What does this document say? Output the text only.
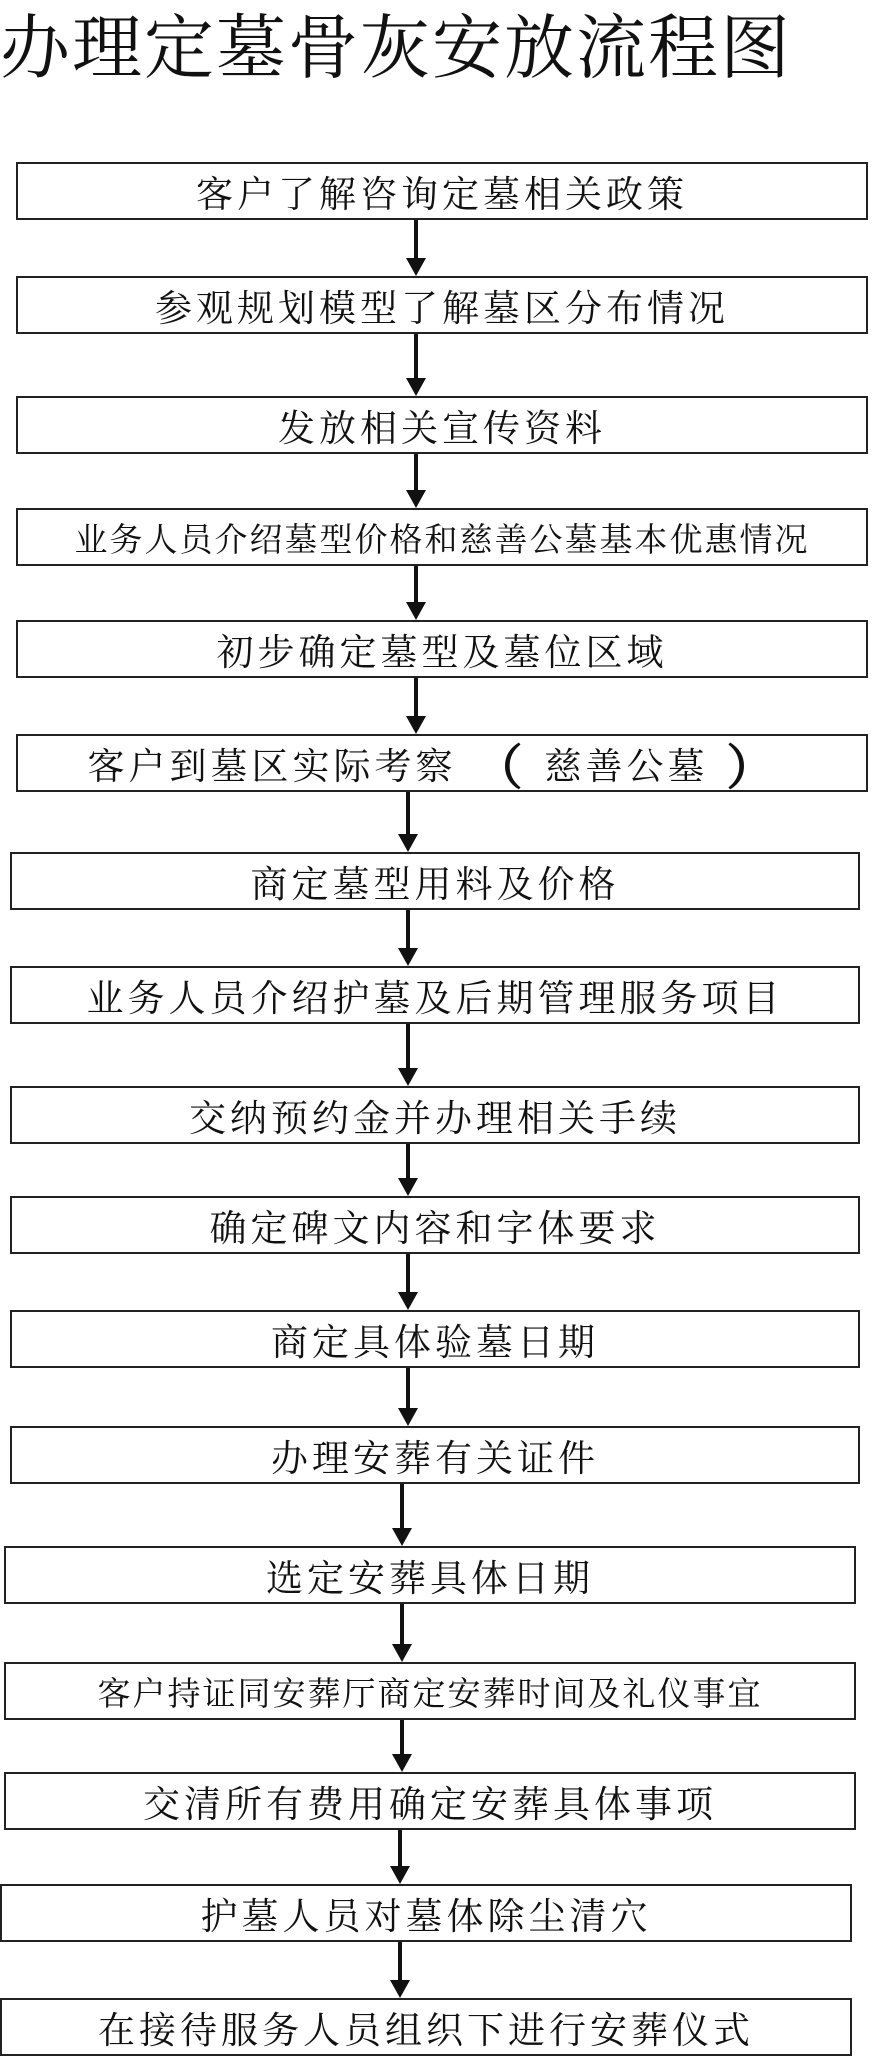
办理定墓骨灰安放流程图
客户了解咨询定墓相关政策
参观规划模型了解墓区分布情况
发放相关宣传资料
业务人员介绍墓型价格和慈善公墓基本优惠情况
初步确定墓型及墓位区域
客户到墓区实际考察 （ 慈善公墓 ）
商定墓型用料及价格
业务人员介绍护墓及后期管理服务项目
交纳预约金并办理相关手续
确定碑文内容和字体要求
商定具体验墓日期
办理安葬有关证件
选定安葬具体日期
客户持证同安葬厅商定安葬时间及礼仪事宜
交清所有费用确定安葬具体事项
护墓人员对墓体除尘清穴
在接待服务人员组织下进行安葬仪式
